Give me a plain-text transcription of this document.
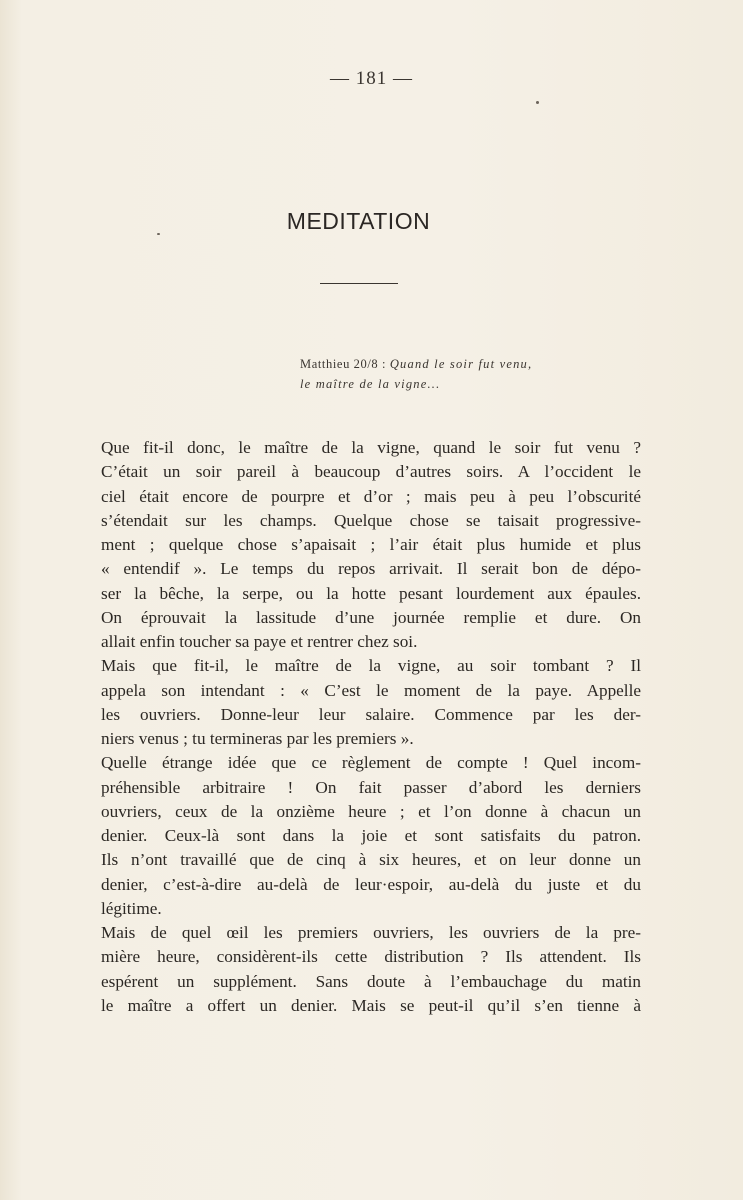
— 181 —
MEDITATION
Matthieu 20/8 : Quand le soir fut venu,
le maître de la vigne...
Que fit-il donc, le maître de la vigne, quand le soir fut venu ?
C’était un soir pareil à beaucoup d’autres soirs. A l’occident le
ciel était encore de pourpre et d’or ; mais peu à peu l’obscurité
s’étendait sur les champs. Quelque chose se taisait progressive-
ment ; quelque chose s’apaisait ; l’air était plus humide et plus
« entendif ». Le temps du repos arrivait. Il serait bon de dépo-
ser la bêche, la serpe, ou la hotte pesant lourdement aux épaules.
On éprouvait la lassitude d’une journée remplie et dure. On
allait enfin toucher sa paye et rentrer chez soi.
Mais que fit-il, le maître de la vigne, au soir tombant ? Il
appela son intendant : « C’est le moment de la paye. Appelle
les ouvriers. Donne-leur leur salaire. Commence par les der-
niers venus ; tu termineras par les premiers ».
Quelle étrange idée que ce règlement de compte ! Quel incom-
préhensible arbitraire ! On fait passer d’abord les derniers
ouvriers, ceux de la onzième heure ; et l’on donne à chacun un
denier. Ceux-là sont dans la joie et sont satisfaits du patron.
Ils n’ont travaillé que de cinq à six heures, et on leur donne un
denier, c’est-à-dire au-delà de leur·espoir, au-delà du juste et du
légitime.
Mais de quel œil les premiers ouvriers, les ouvriers de la pre-
mière heure, considèrent-ils cette distribution ? Ils attendent. Ils
espérent un supplément. Sans doute à l’embauchage du matin
le maître a offert un denier. Mais se peut-il qu’il s’en tienne à
